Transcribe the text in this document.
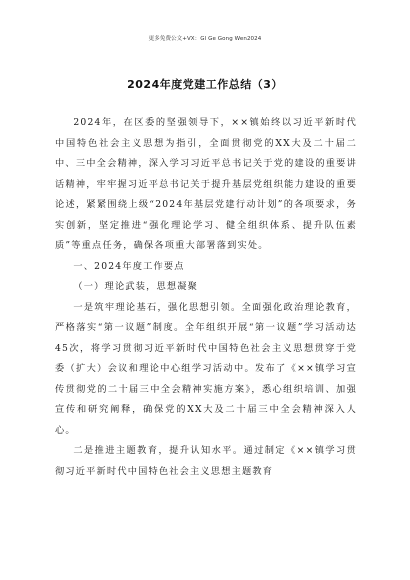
更多免费公文+VX：Gl Ge Gong Wen2024
2024年度党建工作总结（3）

2024年，在区委的坚强领导下，××镇始终以习近平新时代中国特色社会主义思想为指引，全面贯彻党的XX大及二十届二中、三中全会精神，深入学习习近平总书记关于党的建设的重要讲话精神，牢牢握习近平总书记关于提升基层党组织能力建设的重要论述，紧紧围绕上级“2024年基层党建行动计划”的各项要求，务实创新，坚定推进“强化理论学习、健全组织体系、提升队伍素质”等重点任务，确保各项重大部署落到实处。

一、2024年度工作要点

（一）理论武装，思想凝聚

一是筑牢理论基石，强化思想引领。全面强化政治理论教育，严格落实“第一议题”制度。全年组织开展“第一议题”学习活动达45次，将学习贯彻习近平新时代中国特色社会主义思想贯穿于党委（扩大）会议和理论中心组学习活动中。发布了《××镇学习宣传贯彻党的二十届三中全会精神实施方案》，悉心组织培训、加强宣传和研究阐释，确保党的XX大及二十届三中全会精神深入人心。

二是推进主题教育，提升认知水平。通过制定《××镇学习贯彻习近平新时代中国特色社会主义思想主题教育
